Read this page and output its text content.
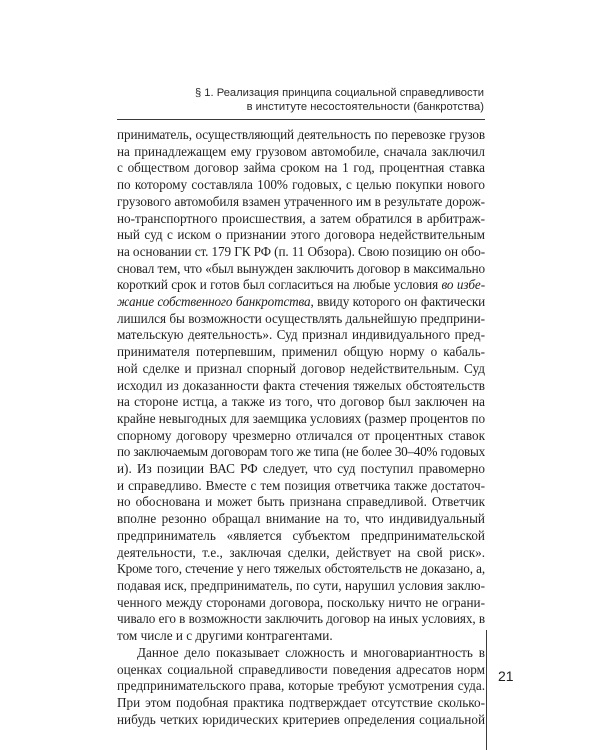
§ 1. Реализация принципа социальной справедливости
в институте несостоятельности (банкротства)

приниматель, осуществляющий деятельность по перевозке грузов
на принадлежащем ему грузовом автомобиле, сначала заключил
с обществом договор займа сроком на 1 год, процентная ставка
по которому составляла 100% годовых, с целью покупки нового
грузового автомобиля взамен утраченного им в результате дорож-
но-транспортного происшествия, а затем обратился в арбитраж-
ный суд с иском о признании этого договора недействительным
на основании ст. 179 ГК РФ (п. 11 Обзора). Свою позицию он обо-
сновал тем, что «был вынужден заключить договор в максимально
короткий срок и готов был согласиться на любые условия во избе-
жание собственного банкротства, ввиду которого он фактически
лишился бы возможности осуществлять дальнейшую предприни-
мательскую деятельность». Суд признал индивидуального пред-
принимателя потерпевшим, применил общую норму о кабаль-
ной сделке и признал спорный договор недействительным. Суд
исходил из доказанности факта стечения тяжелых обстоятельств
на стороне истца, а также из того, что договор был заключен на
крайне невыгодных для заемщика условиях (размер процентов по
спорному договору чрезмерно отличался от процентных ставок
по заключаемым договорам того же типа (не более 30–40% годовых
и). Из позиции ВАС РФ следует, что суд поступил правомерно
и справедливо. Вместе с тем позиция ответчика также достаточ-
но обоснована и может быть признана справедливой. Ответчик
вполне резонно обращал внимание на то, что индивидуальный
предприниматель «является субъектом предпринимательской
деятельности, т.е., заключая сделки, действует на свой риск».
Кроме того, стечение у него тяжелых обстоятельств не доказано, а,
подавая иск, предприниматель, по сути, нарушил условия заклю-
ченного между сторонами договора, поскольку ничто не ограни-
чивало его в возможности заключить договор на иных условиях, в
том числе и с другими контрагентами.

Данное дело показывает сложность и многовариантность в
оценках социальной справедливости поведения адресатов норм
предпринимательского права, которые требуют усмотрения суда.
При этом подобная практика подтверждает отсутствие сколько-
нибудь четких юридических критериев определения социальной

21
